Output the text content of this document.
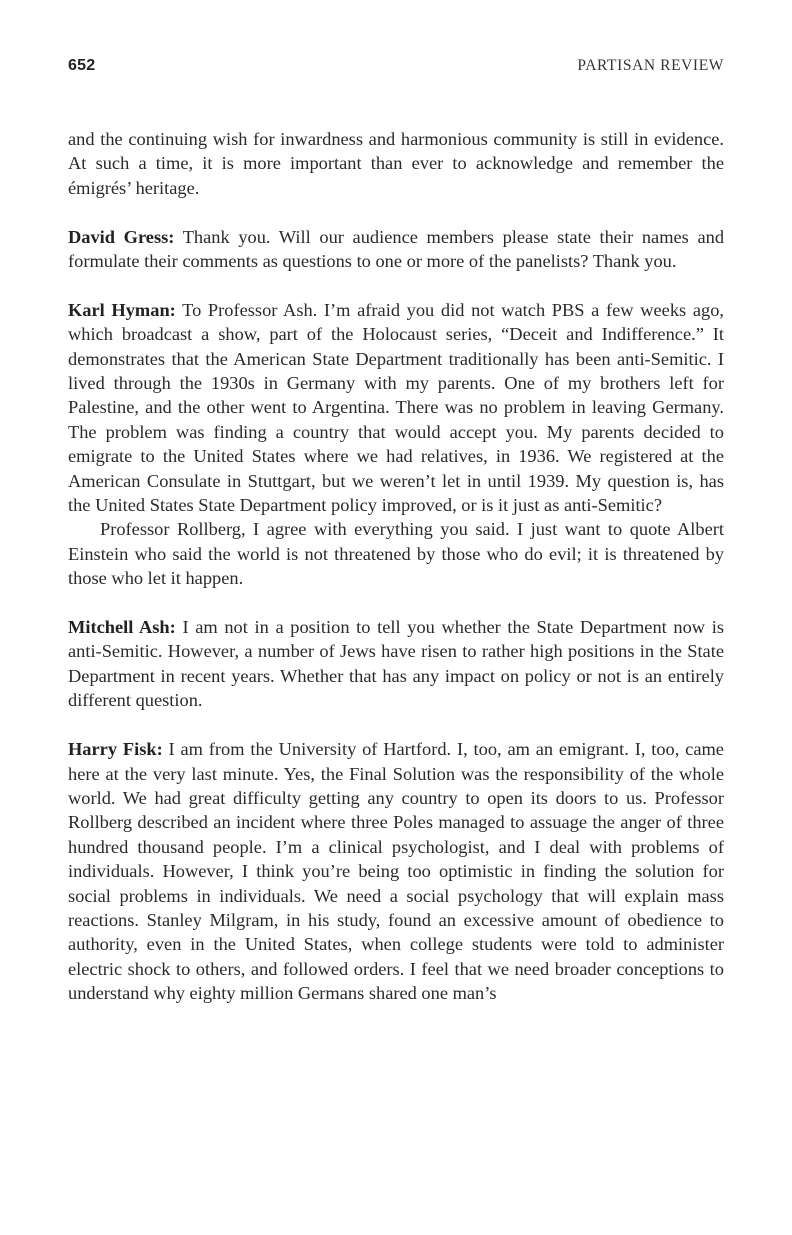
652	PARTISAN REVIEW

and the continuing wish for inwardness and harmonious community is still in evidence. At such a time, it is more important than ever to acknowledge and remember the émigrés’ heritage.

David Gress: Thank you. Will our audience members please state their names and formulate their comments as questions to one or more of the panelists? Thank you.

Karl Hyman: To Professor Ash. I’m afraid you did not watch PBS a few weeks ago, which broadcast a show, part of the Holocaust series, “Deceit and Indifference.” It demonstrates that the American State Department traditionally has been anti-Semitic. I lived through the 1930s in Germany with my parents. One of my brothers left for Palestine, and the other went to Argentina. There was no problem in leaving Germany. The problem was finding a country that would accept you. My parents decided to emigrate to the United States where we had relatives, in 1936. We registered at the American Consulate in Stuttgart, but we weren’t let in until 1939. My question is, has the United States State Department policy improved, or is it just as anti-Semitic?

Professor Rollberg, I agree with everything you said. I just want to quote Albert Einstein who said the world is not threatened by those who do evil; it is threatened by those who let it happen.

Mitchell Ash: I am not in a position to tell you whether the State Department now is anti-Semitic. However, a number of Jews have risen to rather high positions in the State Department in recent years. Whether that has any impact on policy or not is an entirely different question.

Harry Fisk: I am from the University of Hartford. I, too, am an emigrant. I, too, came here at the very last minute. Yes, the Final Solution was the responsibility of the whole world. We had great difficulty getting any country to open its doors to us. Professor Rollberg described an incident where three Poles managed to assuage the anger of three hundred thousand people. I’m a clinical psychologist, and I deal with problems of individuals. However, I think you’re being too optimistic in finding the solution for social problems in individuals. We need a social psychology that will explain mass reactions. Stanley Milgram, in his study, found an excessive amount of obedience to authority, even in the United States, when college students were told to administer electric shock to others, and followed orders. I feel that we need broader conceptions to understand why eighty million Germans shared one man’s
